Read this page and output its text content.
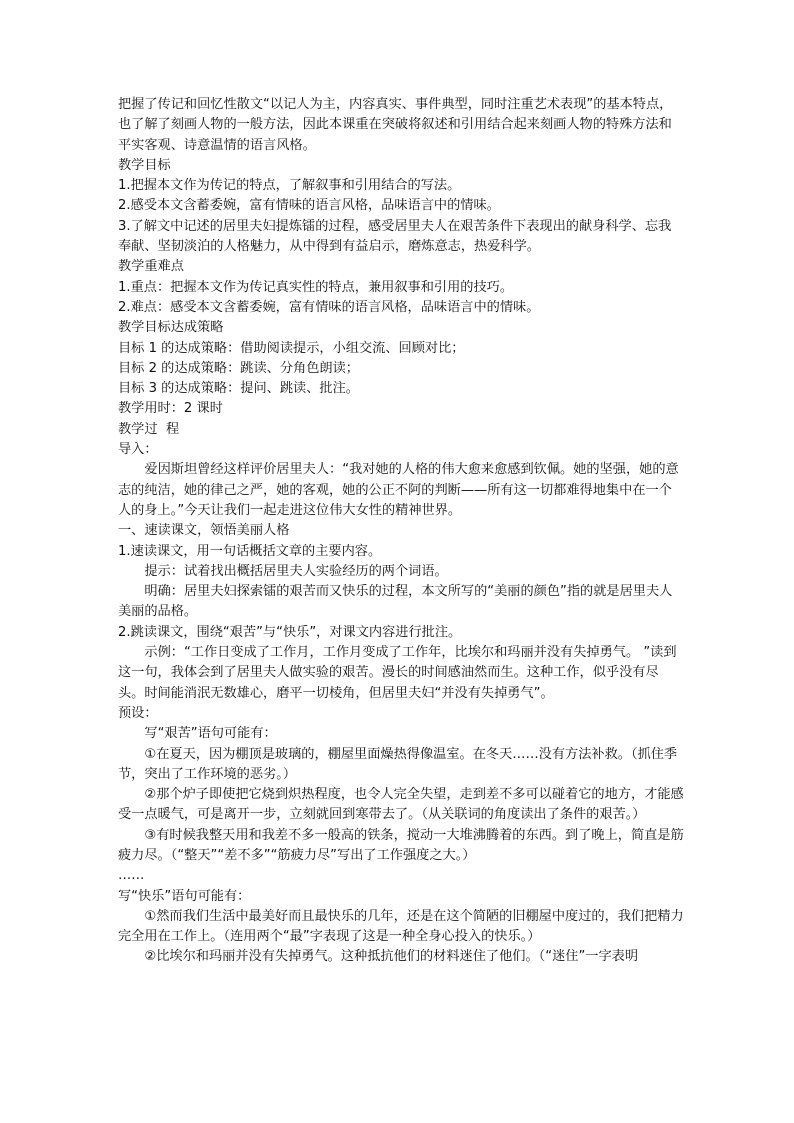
把握了传记和回忆性散文“以记人为主，内容真实、事件典型，同时注重艺术表现”的基本特点，也了解了刻画人物的一般方法，因此本课重在突破将叙述和引用结合起来刻画人物的特殊方法和平实客观、诗意温情的语言风格。

教学目标

1.把握本文作为传记的特点，了解叙事和引用结合的写法。

2.感受本文含蓄委婉，富有情味的语言风格，品味语言中的情味。

3.了解文中记述的居里夫妇提炼镭的过程，感受居里夫人在艰苦条件下表现出的献身科学、忘我奉献、坚韧淡泊的人格魅力，从中得到有益启示，磨炼意志，热爱科学。

教学重难点

1.重点：把握本文作为传记真实性的特点，兼用叙事和引用的技巧。

2.难点：感受本文含蓄委婉，富有情味的语言风格，品味语言中的情味。

教学目标达成策略

目标 1 的达成策略：借助阅读提示，小组交流、回顾对比；

目标 2 的达成策略：跳读、分角色朗读；

目标 3 的达成策略：提问、跳读、批注。

教学用时：2 课时

教学过  程

导入：

爱因斯坦曾经这样评价居里夫人：“我对她的人格的伟大愈来愈感到钦佩。她的坚强，她的意志的纯洁，她的律己之严，她的客观，她的公正不阿的判断——所有这一切都难得地集中在一个人的身上。”今天让我们一起走进这位伟大女性的精神世界。

一、速读课文，领悟美丽人格

1.速读课文，用一句话概括文章的主要内容。

提示：试着找出概括居里夫人实验经历的两个词语。

明确：居里夫妇探索镭的艰苦而又快乐的过程，本文所写的“美丽的颜色”指的就是居里夫人美丽的品格。

2.跳读课文，围绕“艰苦”与“快乐”，对课文内容进行批注。

示例：“工作日变成了工作月，工作月变成了工作年，比埃尔和玛丽并没有失掉勇气。 ”读到这一句，我体会到了居里夫人做实验的艰苦。漫长的时间感油然而生。这种工作，似乎没有尽头。时间能消泯无数雄心，磨平一切棱角，但居里夫妇“并没有失掉勇气”。

预设：

写“艰苦”语句可能有：

①在夏天，因为棚顶是玻璃的，棚屋里面燥热得像温室。在冬天……没有方法补救。（抓住季节，突出了工作环境的恶劣。）

②那个炉子即使把它烧到炽热程度，也令人完全失望，走到差不多可以碰着它的地方，才能感受一点暖气，可是离开一步，立刻就回到寒带去了。（从关联词的角度读出了条件的艰苦。）

③有时候我整天用和我差不多一般高的铁条，搅动一大堆沸腾着的东西。到了晚上，简直是筋疲力尽。（“整天”“差不多”“筋疲力尽”写出了工作强度之大。）

……

写“快乐”语句可能有：

①然而我们生活中最美好而且最快乐的几年，还是在这个简陋的旧棚屋中度过的，我们把精力完全用在工作上。（连用两个“最”字表现了这是一种全身心投入的快乐。）

②比埃尔和玛丽并没有失掉勇气。这种抵抗他们的材料迷住了他们。（“迷住”一字表明
